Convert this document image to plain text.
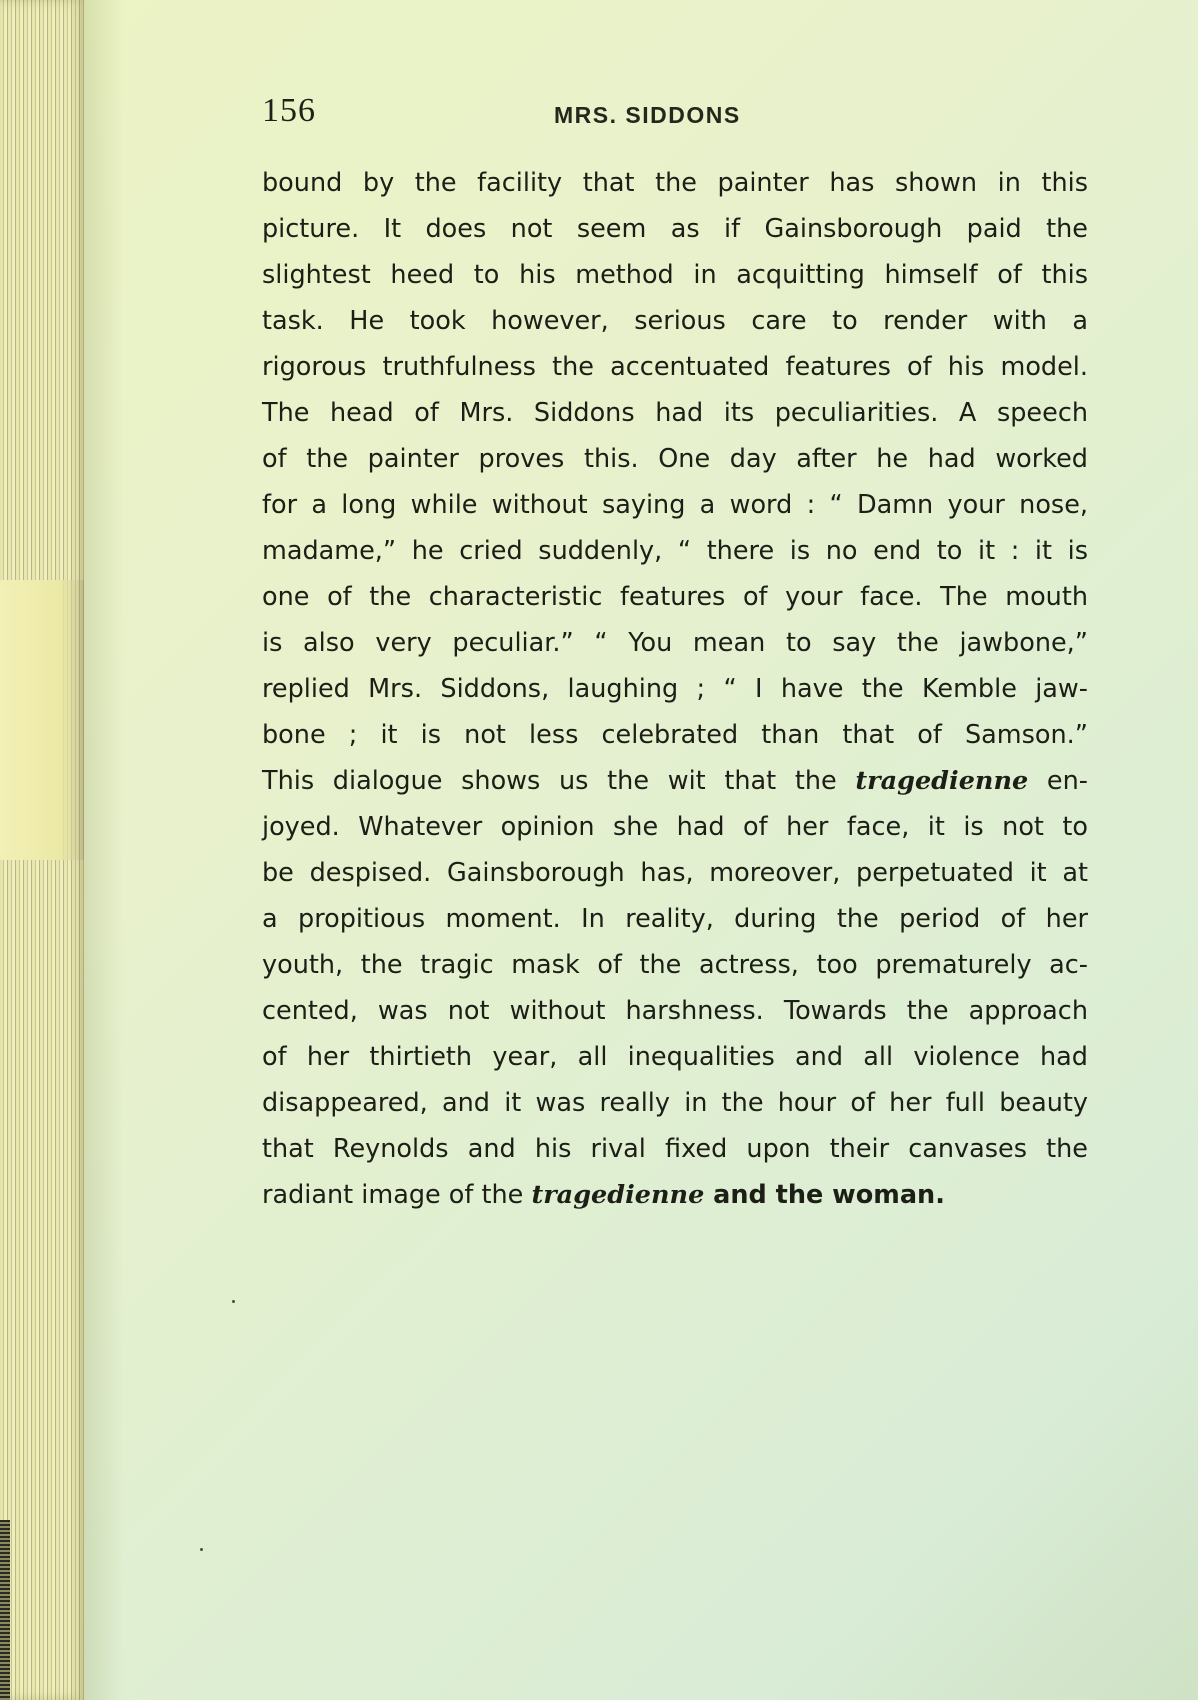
156	MRS. SIDDONS
bound by the facility that the painter has shown in this
picture. It does not seem as if Gainsborough paid the
slightest heed to his method in acquitting himself of this
task. He took however, serious care to render with a
rigorous truthfulness the accentuated features of his model.
The head of Mrs. Siddons had its peculiarities. A speech
of the painter proves this. One day after he had worked
for a long while without saying a word : “ Damn your nose,
madame,” he cried suddenly, “ there is no end to it : it is
one of the characteristic features of your face. The mouth
is also very peculiar.” “ You mean to say the jawbone,”
replied Mrs. Siddons, laughing ; “ I have the Kemble jaw-
bone ; it is not less celebrated than that of Samson.”
This dialogue shows us the wit that the tragedienne en-
joyed. Whatever opinion she had of her face, it is not to
be despised. Gainsborough has, moreover, perpetuated it at
a propitious moment. In reality, during the period of her
youth, the tragic mask of the actress, too prematurely ac-
cented, was not without harshness. Towards the approach
of her thirtieth year, all inequalities and all violence had
disappeared, and it was really in the hour of her full beauty
that Reynolds and his rival fixed upon their canvases the
radiant image of the tragedienne and the woman.
